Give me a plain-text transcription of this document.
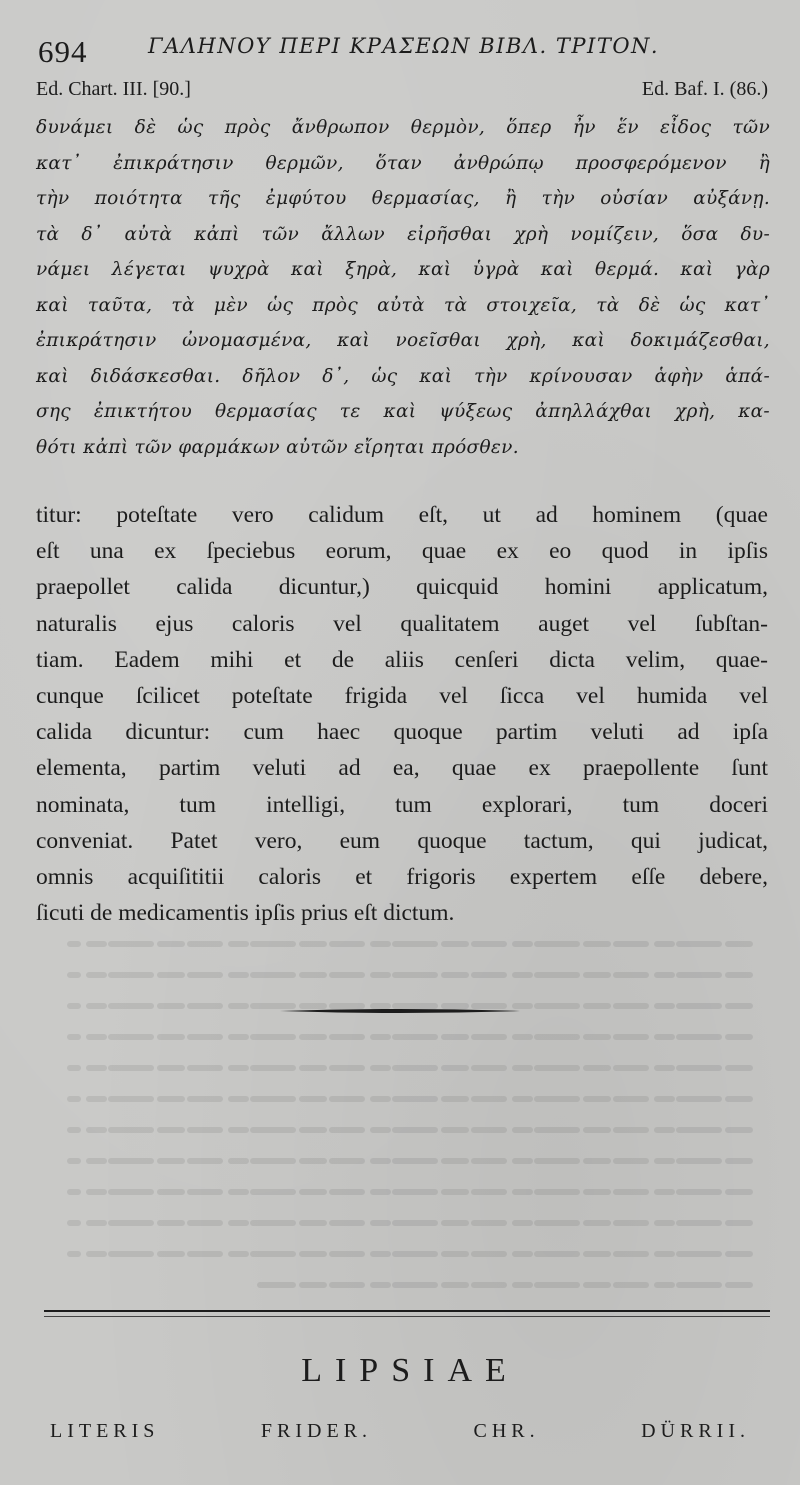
694	ΓΑΛΗΝΟΥ ΠΕΡΙ ΚΡΑΣΕΩΝ ΒΙΒΛ. ΤΡΙΤΟΝ.
Ed. Chart. III. [90.]	Ed. Baf. I. (86.)
δυνάμει δὲ ὡς πρὸς ἄνθρωπον θερμὸν, ὅπερ ἦν ἕν εἶδος τῶν
κατ᾽ ἐπικράτησιν θερμῶν, ὅταν ἀνθρώπῳ προσφερόμενον ἢ
τὴν ποιότητα τῆς ἐμφύτου θερμασίας, ἢ τὴν οὐσίαν αὐξάνῃ.
τὰ δ᾽ αὐτὰ κἀπὶ τῶν ἄλλων εἰρῆσθαι χρὴ νομίζειν, ὅσα δυ-
νάμει λέγεται ψυχρὰ καὶ ξηρὰ, καὶ ὑγρὰ καὶ θερμά. καὶ γὰρ
καὶ ταῦτα, τὰ μὲν ὡς πρὸς αὐτὰ τὰ στοιχεῖα, τὰ δὲ ὡς κατ᾽
ἐπικράτησιν ὠνομασμένα, καὶ νοεῖσθαι χρὴ, καὶ δοκιμάζεσθαι,
καὶ διδάσκεσθαι. δῆλον δ᾽, ὡς καὶ τὴν κρίνουσαν ἁφὴν ἁπά-
σης ἐπικτήτου θερμασίας τε καὶ ψύξεως ἀπηλλάχθαι χρὴ, κα-
θότι κἀπὶ τῶν φαρμάκων αὐτῶν εἴρηται πρόσθεν.
titur: poteſtate vero calidum eſt, ut ad hominem (quae
eſt una ex ſpeciebus eorum, quae ex eo quod in ipſis
praepollet calida dicuntur,) quicquid homini applicatum,
naturalis ejus caloris vel qualitatem auget vel ſubſtan-
tiam. Eadem mihi et de aliis cenſeri dicta velim, quae-
cunque ſcilicet poteſtate frigida vel ſicca vel humida vel
calida dicuntur: cum haec quoque partim veluti ad ipſa
elementa, partim veluti ad ea, quae ex praepollente ſunt
nominata, tum intelligi, tum explorari, tum doceri
conveniat. Patet vero, eum quoque tactum, qui judicat,
omnis acquiſititii caloris et frigoris expertem eſſe debere,
ſicuti de medicamentis ipſis prius eſt dictum.
LIPSIAE
LITERIS FRIDER. CHR. DÜRRII.
